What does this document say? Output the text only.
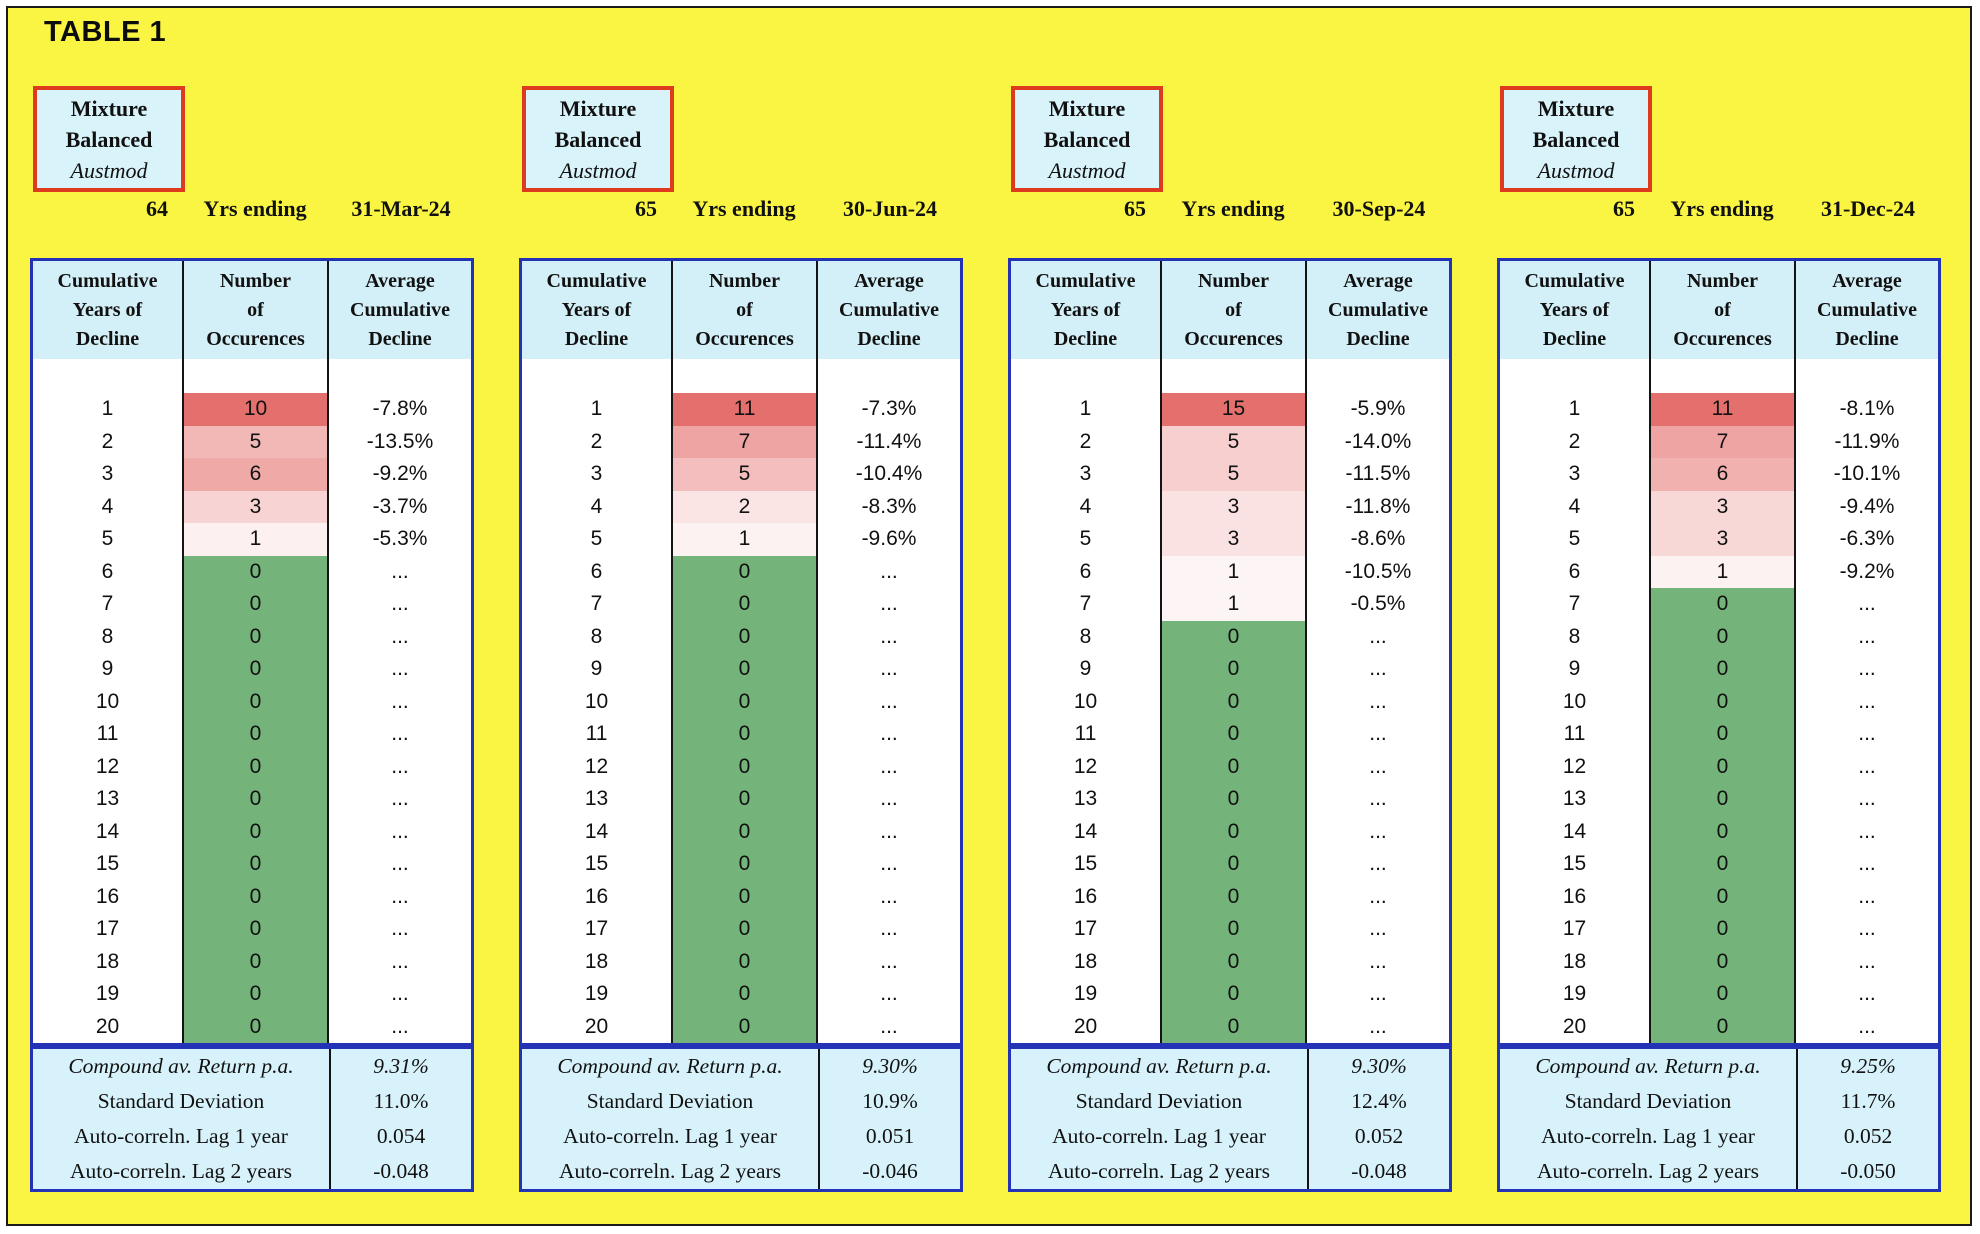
TABLE 1
Mixture
Balanced
Austmod
64	Yrs ending	31-Mar-24
Cumulative
Years of
Decline
Number
of
Occurences
Average
Cumulative
Decline
1	10	-7.8%
2	5	-13.5%
3	6	-9.2%
4	3	-3.7%
5	1	-5.3%
6	0	...
7	0	...
8	0	...
9	0	...
10	0	...
11	0	...
12	0	...
13	0	...
14	0	...
15	0	...
16	0	...
17	0	...
18	0	...
19	0	...
20	0	...
Compound av. Return p.a.	9.31%
Standard Deviation	11.0%
Auto-correln. Lag 1 year	0.054
Auto-correln. Lag 2 years	-0.048
Mixture
Balanced
Austmod
65	Yrs ending	30-Jun-24
Cumulative
Years of
Decline
Number
of
Occurences
Average
Cumulative
Decline
1	11	-7.3%
2	7	-11.4%
3	5	-10.4%
4	2	-8.3%
5	1	-9.6%
6	0	...
7	0	...
8	0	...
9	0	...
10	0	...
11	0	...
12	0	...
13	0	...
14	0	...
15	0	...
16	0	...
17	0	...
18	0	...
19	0	...
20	0	...
Compound av. Return p.a.	9.30%
Standard Deviation	10.9%
Auto-correln. Lag 1 year	0.051
Auto-correln. Lag 2 years	-0.046
Mixture
Balanced
Austmod
65	Yrs ending	30-Sep-24
Cumulative
Years of
Decline
Number
of
Occurences
Average
Cumulative
Decline
1	15	-5.9%
2	5	-14.0%
3	5	-11.5%
4	3	-11.8%
5	3	-8.6%
6	1	-10.5%
7	1	-0.5%
8	0	...
9	0	...
10	0	...
11	0	...
12	0	...
13	0	...
14	0	...
15	0	...
16	0	...
17	0	...
18	0	...
19	0	...
20	0	...
Compound av. Return p.a.	9.30%
Standard Deviation	12.4%
Auto-correln. Lag 1 year	0.052
Auto-correln. Lag 2 years	-0.048
Mixture
Balanced
Austmod
65	Yrs ending	31-Dec-24
Cumulative
Years of
Decline
Number
of
Occurences
Average
Cumulative
Decline
1	11	-8.1%
2	7	-11.9%
3	6	-10.1%
4	3	-9.4%
5	3	-6.3%
6	1	-9.2%
7	0	...
8	0	...
9	0	...
10	0	...
11	0	...
12	0	...
13	0	...
14	0	...
15	0	...
16	0	...
17	0	...
18	0	...
19	0	...
20	0	...
Compound av. Return p.a.	9.25%
Standard Deviation	11.7%
Auto-correln. Lag 1 year	0.052
Auto-correln. Lag 2 years	-0.050
